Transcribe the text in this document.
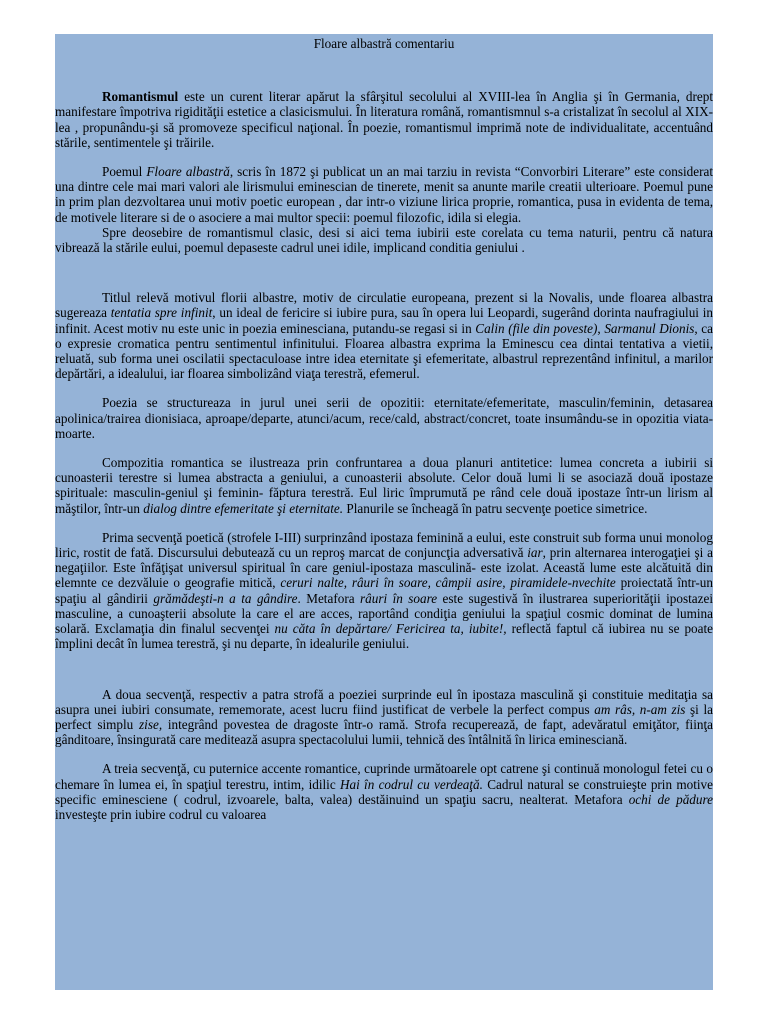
Floare albastră comentariu

Romantismul este un curent literar apărut la sfârşitul secolului al XVIII-lea în Anglia şi în Germania, drept manifestare împotriva rigidităţii estetice a clasicismului. În literatura română, romantismnul s-a cristalizat în secolul al XIX-lea , propunându-şi să promoveze specificul naţional. În poezie, romantismul imprimă note de individualitate, accentuând stările, sentimentele şi trăirile.

Poemul Floare albastră, scris în 1872 şi publicat un an mai tarziu in revista “Convorbiri Literare” este considerat una dintre cele mai mari valori ale lirismului eminescian de tinerete, menit sa anunte marile creatii ulterioare. Poemul pune in prim plan dezvoltarea unui motiv poetic european , dar intr-o viziune lirica proprie, romantica, pusa in evidenta de tema, de motivele literare si de o asociere a mai multor specii: poemul filozofic, idila si elegia.

Spre deosebire de romantismul clasic, desi si aici tema iubirii este corelata cu tema naturii, pentru că natura vibrează la stările eului, poemul depaseste cadrul unei idile, implicand conditia geniului .

Titlul relevă motivul florii albastre, motiv de circulatie europeana, prezent si la Novalis, unde floarea albastra sugereaza tentatia spre infinit, un ideal de fericire si iubire pura, sau în opera lui Leopardi, sugerând dorinta naufragiului in infinit. Acest motiv nu este unic in poezia eminesciana, putandu-se regasi si in Calin (file din poveste), Sarmanul Dionis, ca o expresie cromatica pentru sentimentul infinitului. Floarea albastra exprima la Eminescu cea dintai tentativa a vietii, reluată, sub forma unei oscilatii spectaculoase intre idea eternitate şi efemeritate, albastrul reprezentând infinitul, a marilor depărtări, a idealului, iar floarea simbolizând viaţa terestră, efemerul.

Poezia se structureaza in jurul unei serii de opozitii: eternitate/efemeritate, masculin/feminin, detasarea apolinica/trairea dionisiaca, aproape/departe, atunci/acum, rece/cald, abstract/concret, toate insumându-se in opozitia viata-moarte.

Compozitia romantica se ilustreaza prin confruntarea a doua planuri antitetice: lumea concreta a iubirii si cunoasterii terestre si lumea abstracta a geniului, a cunoasterii absolute. Celor două lumi li se asociază două ipostaze spirituale: masculin-geniul şi feminin- făptura terestră. Eul liric împrumută pe rând cele două ipostaze într-un lirism al măştilor, într-un dialog dintre efemeritate şi eternitate. Planurile se încheagă în patru secvenţe poetice simetrice.

Prima secvenţă poetică (strofele I-III) surprinzând ipostaza feminină a eului, este construit sub forma unui monolog liric, rostit de fată. Discursului debutează cu un reproş marcat de conjuncţia adversativă iar, prin alternarea interogaţiei şi a negaţiilor. Este înfăţişat universul spiritual în care geniul-ipostaza masculină- este izolat. Această lume este alcătuită din elemnte ce dezvăluie o geografie mitică, ceruri nalte, râuri în soare, câmpii asire, piramidele-nvechite proiectată într-un spaţiu al gândirii grămădeşti-n a ta gândire. Metafora râuri în soare este sugestivă în ilustrarea superiorităţii ipostazei masculine, a cunoaşterii absolute la care el are acces, raportând condiţia geniului la spaţiul cosmic dominat de lumina solară. Exclamaţia din finalul secvenţei nu căta în depărtare/ Fericirea ta, iubite!, reflectă faptul că iubirea nu se poate împlini decât în lumea terestră, şi nu departe, în idealurile geniului.

A doua secvenţă, respectiv a patra strofă a poeziei surprinde eul în ipostaza masculină şi constituie meditaţia sa asupra unei iubiri consumate, rememorate, acest lucru fiind justificat de verbele la perfect compus am râs, n-am zis şi la perfect simplu zise, integrând povestea de dragoste într-o ramă. Strofa recuperează, de fapt, adevăratul emiţător, fiinţa gânditoare, însingurată care meditează asupra spectacolului lumii, tehnică des întâlnită în lirica eminesciană.

A treia secvenţă, cu puternice accente romantice, cuprinde următoarele opt catrene şi continuă monologul fetei cu o chemare în lumea ei, în spaţiul terestru, intim, idilic Hai în codrul cu verdeaţă. Cadrul natural se construieşte prin motive specific eminesciene ( codrul, izvoarele, balta, valea) destăinuind un spaţiu sacru, nealterat. Metafora ochi de pădure investeşte prin iubire codrul cu valoarea
